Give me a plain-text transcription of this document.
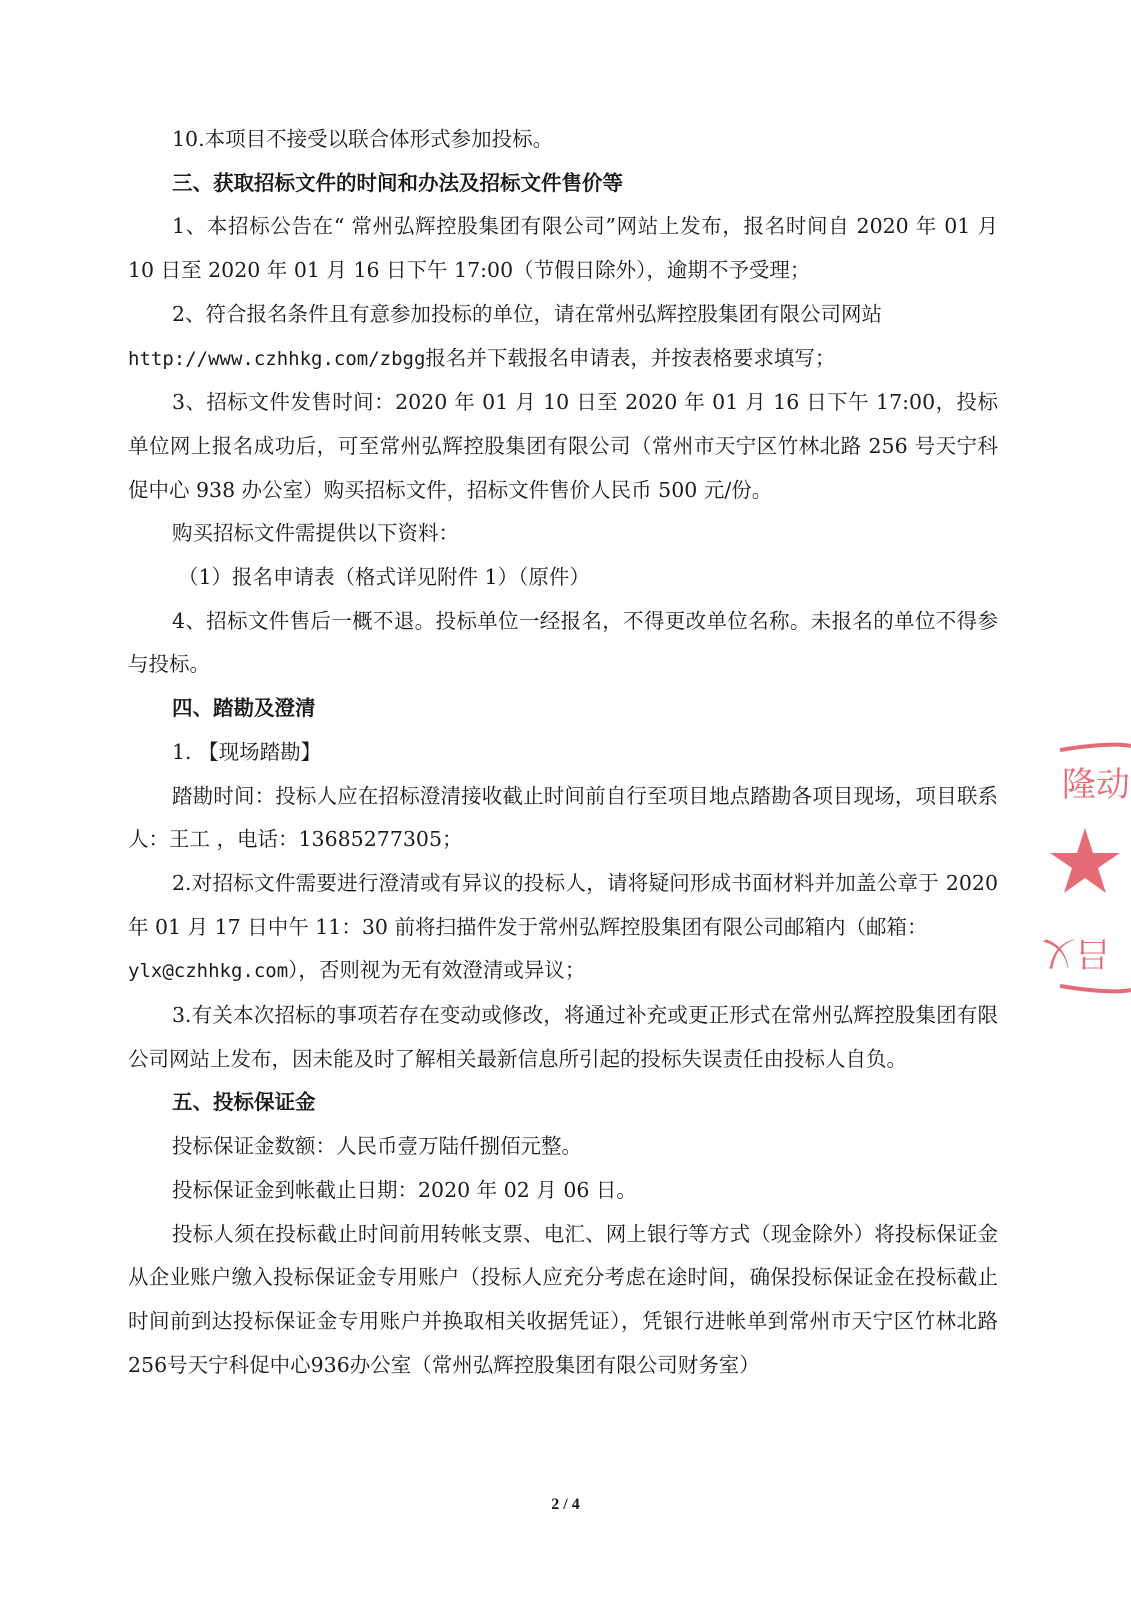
10.本项目不接受以联合体形式参加投标。

三、获取招标文件的时间和办法及招标文件售价等

1、本招标公告在“ 常州弘辉控股集团有限公司”网站上发布，报名时间自 2020 年 01 月 10 日至 2020 年 01 月 16 日下午 17:00（节假日除外），逾期不予受理；

2、符合报名条件且有意参加投标的单位，请在常州弘辉控股集团有限公司网站

http://www.czhhkg.com/zbgg报名并下载报名申请表，并按表格要求填写；

3、招标文件发售时间：2020 年 01 月 10 日至 2020 年 01 月 16 日下午 17:00，投标单位网上报名成功后，可至常州弘辉控股集团有限公司（常州市天宁区竹林北路 256 号天宁科促中心 938 办公室）购买招标文件，招标文件售价人民币 500 元/份。

购买招标文件需提供以下资料：

（1）报名申请表（格式详见附件 1）（原件）

4、招标文件售后一概不退。投标单位一经报名，不得更改单位名称。未报名的单位不得参与投标。

四、踏勘及澄清

1. 【现场踏勘】

踏勘时间：投标人应在招标澄清接收截止时间前自行至项目地点踏勘各项目现场，项目联系人：王工 ，电话：13685277305；

2.对招标文件需要进行澄清或有异议的投标人，请将疑问形成书面材料并加盖公章于 2020 年 01 月 17 日中午 11：30 前将扫描件发于常州弘辉控股集团有限公司邮箱内（邮箱：

ylx@czhhkg.com），否则视为无有效澄清或异议；

3.有关本次招标的事项若存在变动或修改，将通过补充或更正形式在常州弘辉控股集团有限公司网站上发布，因未能及时了解相关最新信息所引起的投标失误责任由投标人自负。

五、投标保证金

投标保证金数额：人民币壹万陆仟捌佰元整。

投标保证金到帐截止日期：2020 年 02 月 06 日。

投标人须在投标截止时间前用转帐支票、电汇、网上银行等方式（现金除外）将投标保证金从企业账户缴入投标保证金专用账户（投标人应充分考虑在途时间，确保投标保证金在投标截止时间前到达投标保证金专用账户并换取相关收据凭证），凭银行进帐单到常州市天宁区竹林北路256号天宁科促中心936办公室（常州弘辉控股集团有限公司财务室）

2 / 4
隆动
吕乂
